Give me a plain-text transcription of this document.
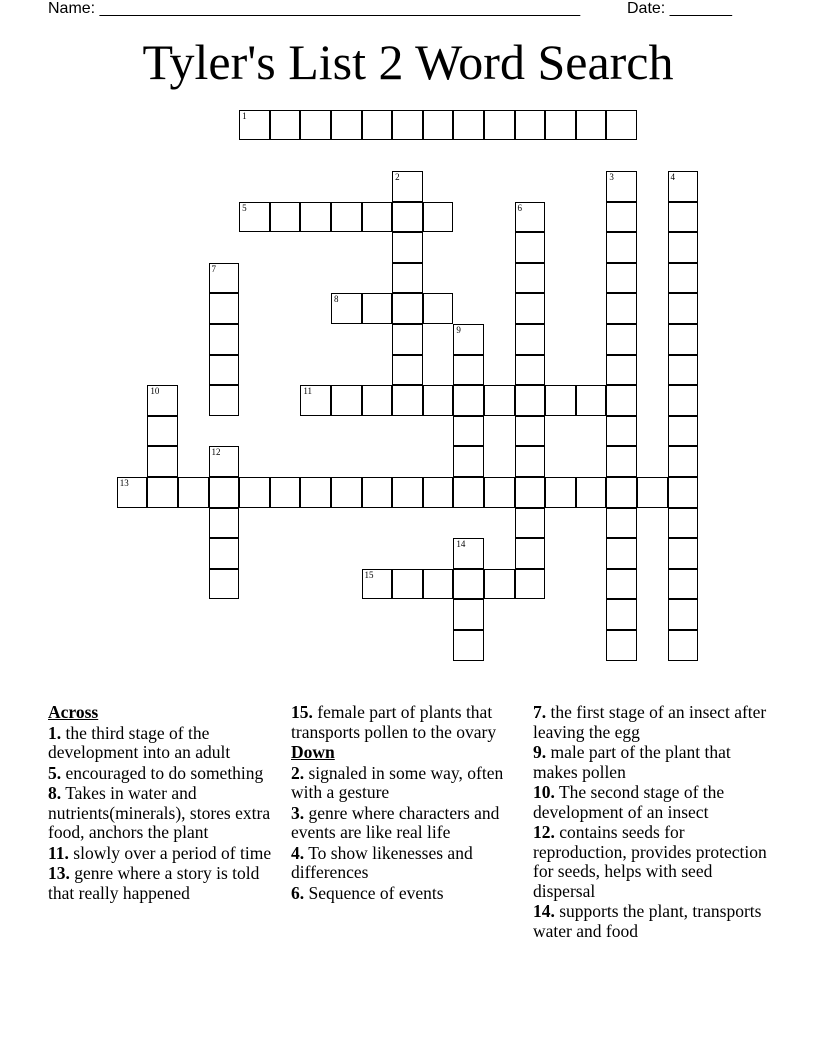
Name: ______________________________________________________	Date: _______
Tyler's List 2 Word Search
1
2	3	4
5	6
7
8
9
10	11
12
13
14
15
Across
1. the third stage of the development into an adult
5. encouraged to do something
8. Takes in water and nutrients(minerals), stores extra food, anchors the plant
11. slowly over a period of time
13. genre where a story is told that really happened
15. female part of plants that transports pollen to the ovary
Down
2. signaled in some way, often with a gesture
3. genre where characters and events are like real life
4. To show likenesses and differences
6. Sequence of events
7. the first stage of an insect after leaving the egg
9. male part of the plant that makes pollen
10. The second stage of the development of an insect
12. contains seeds for reproduction, provides protection for seeds, helps with seed dispersal
14. supports the plant, transports water and food
